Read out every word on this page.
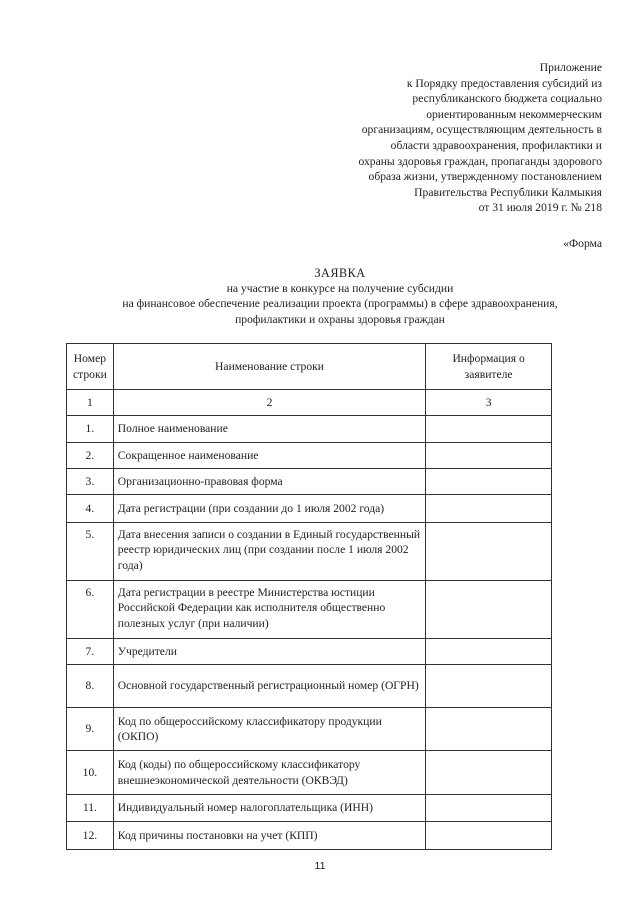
Приложение
к Порядку предоставления субсидий из
республиканского бюджета социально
ориентированным некоммерческим
организациям, осуществляющим деятельность в
области здравоохранения, профилактики и
охраны здоровья граждан, пропаганды здорового
образа жизни, утвержденному постановлением
Правительства Республики Калмыкия
от 31 июля 2019 г. № 218
«Форма
ЗАЯВКА
на участие в конкурсе на получение субсидии
на финансовое обеспечение реализации проекта (программы) в сфере здравоохранения,
профилактики и охраны здоровья граждан
Номер строки	Наименование строки	Информация о заявителе
1	2	3
1.	Полное наименование	
2.	Сокращенное наименование	
3.	Организационно-правовая форма	
4.	Дата регистрации (при создании до 1 июля 2002 года)	
5.	Дата внесения записи о создании в Единый государственный реестр юридических лиц (при создании после 1 июля 2002 года)	
6.	Дата регистрации в реестре Министерства юстиции Российской Федерации как исполнителя общественно полезных услуг (при наличии)	
7.	Учредители	
8.	Основной государственный регистрационный номер (ОГРН)	
9.	Код по общероссийскому классификатору продукции (ОКПО)	
10.	Код (коды) по общероссийскому классификатору внешнеэкономической деятельности (ОКВЭД)	
11.	Индивидуальный номер налогоплательщика (ИНН)	
12.	Код причины постановки на учет (КПП)	
11
